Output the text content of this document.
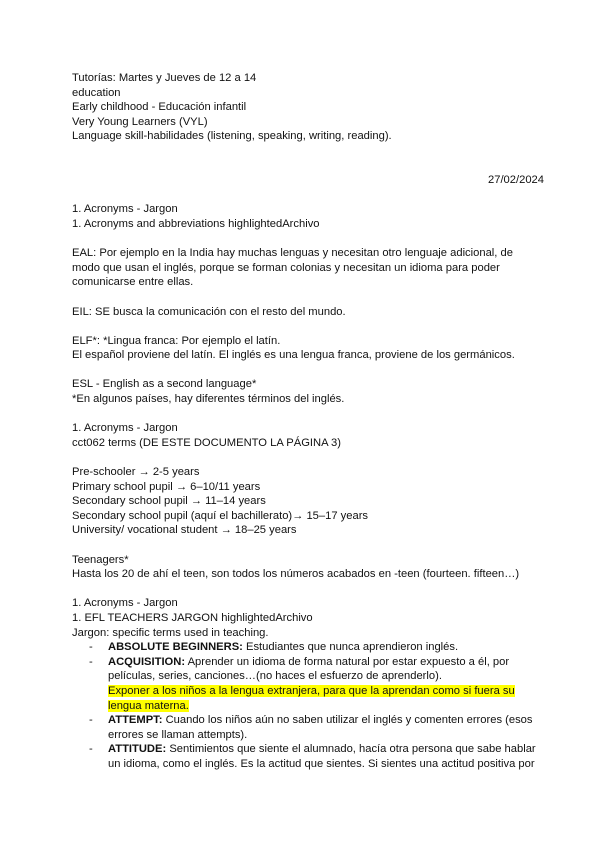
Tutorías: Martes y Jueves de 12 a 14
education
Early childhood - Educación infantil
Very Young Learners (VYL)
Language skill-habilidades (listening, speaking, writing, reading).
27/02/2024
1. Acronyms - Jargon
1. Acronyms and abbreviations highlightedArchivo
EAL: Por ejemplo en la India hay muchas lenguas y necesitan otro lenguaje adicional, de modo que usan el inglés, porque se forman colonias y necesitan un idioma para poder comunicarse entre ellas.
EIL: SE busca la comunicación con el resto del mundo.
ELF*: *Lingua franca: Por ejemplo el latín.
El español proviene del latín. El inglés es una lengua franca, proviene de los germánicos.
ESL - English as a second language*
*En algunos países, hay diferentes términos del inglés.
1. Acronyms - Jargon
cct062 terms (DE ESTE DOCUMENTO LA PÁGINA 3)
Pre-schooler → 2-5 years
Primary school pupil → 6–10/11 years
Secondary school pupil → 11–14 years
Secondary school pupil (aquí el bachillerato)→ 15–17 years
University/ vocational student → 18–25 years
Teenagers*
Hasta los 20 de ahí el teen, son todos los números acabados en -teen (fourteen. fifteen…)
1. Acronyms - Jargon
1. EFL TEACHERS JARGON highlightedArchivo
Jargon: specific terms used in teaching.
- ABSOLUTE BEGINNERS: Estudiantes que nunca aprendieron inglés.
- ACQUISITION: Aprender un idioma de forma natural por estar expuesto a él, por películas, series, canciones…(no haces el esfuerzo de aprenderlo).
Exponer a los niños a la lengua extranjera, para que la aprendan como si fuera su lengua materna.
- ATTEMPT: Cuando los niños aún no saben utilizar el inglés y comenten errores (esos errores se llaman attempts).
- ATTITUDE: Sentimientos que siente el alumnado, hacía otra persona que sabe hablar un idioma, como el inglés. Es la actitud que sientes. Si sientes una actitud positiva por
